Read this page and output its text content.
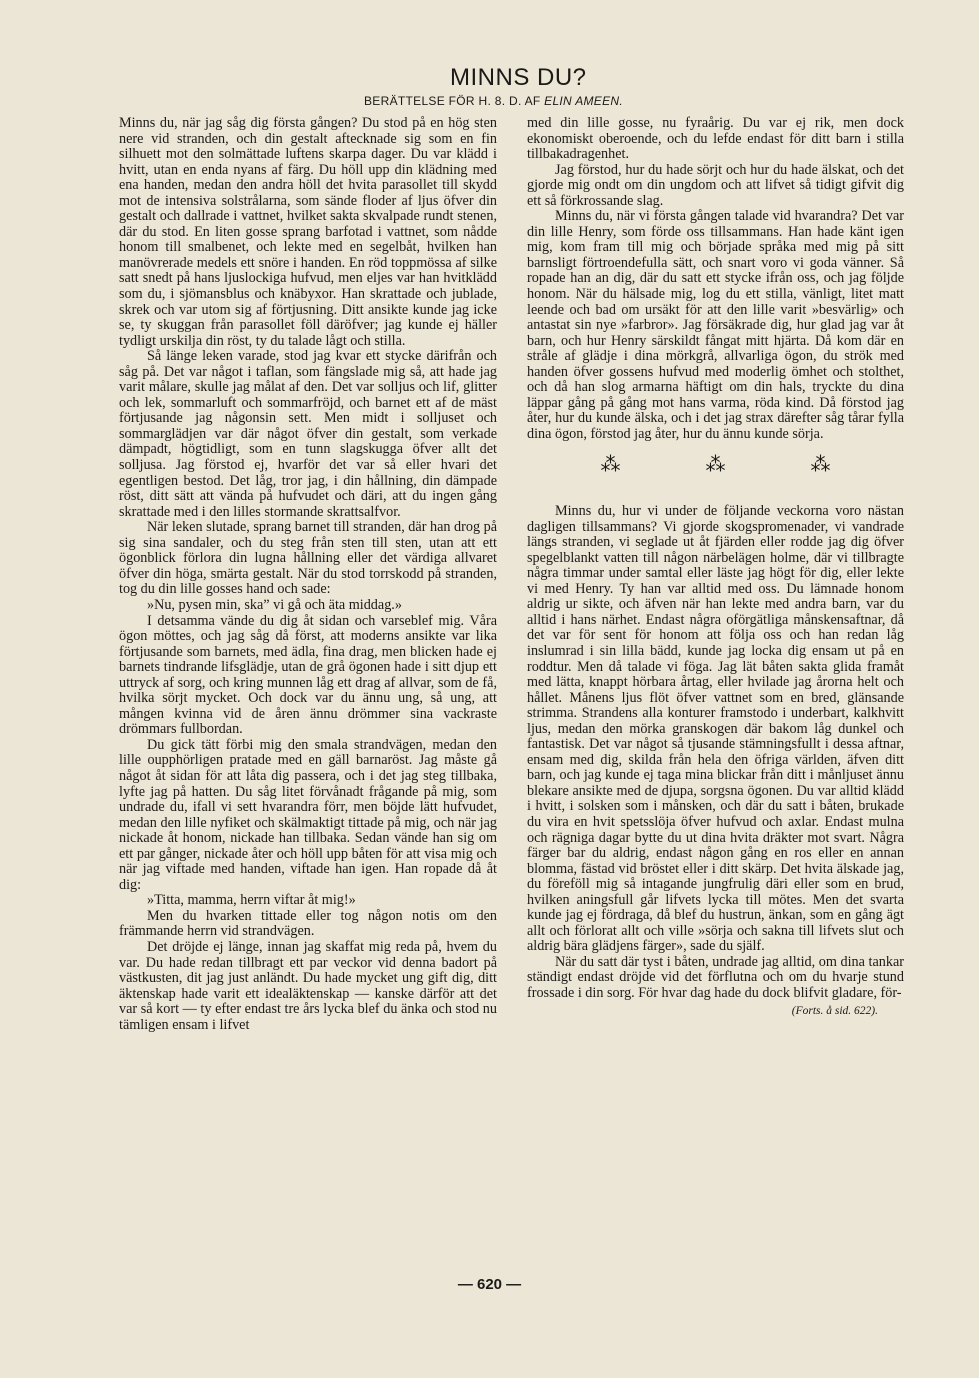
MINNS DU?
BERÄTTELSE FÖR H. 8. D. AF ELIN AMEEN.

Minns du, när jag såg dig första gången? Du stod på en hög sten nere vid stranden, och din gestalt aftecknade sig som en fin silhuett mot den solmättade luftens skarpa dager. Du var klädd i hvitt, utan en enda nyans af färg. Du höll upp din klädning med ena handen, medan den andra höll det hvita parasollet till skydd mot de intensiva solstrålarna, som sände floder af ljus öfver din gestalt och dallrade i vattnet, hvilket sakta skvalpade rundt stenen, där du stod. En liten gosse sprang barfotad i vattnet, som nådde honom till smalbenet, och lekte med en segelbåt, hvilken han manövrerade medels ett snöre i handen. En röd toppmössa af silke satt snedt på hans ljuslockiga hufvud, men eljes var han hvitklädd som du, i sjömansblus och knäbyxor. Han skrattade och jublade, skrek och var utom sig af förtjusning. Ditt ansikte kunde jag icke se, ty skuggan från parasollet föll däröfver; jag kunde ej häller tydligt urskilja din röst, ty du talade lågt och stilla.

Så länge leken varade, stod jag kvar ett stycke därifrån och såg på. Det var något i taflan, som fängslade mig så, att hade jag varit målare, skulle jag målat af den. Det var solljus och lif, glitter och lek, sommarluft och sommarfröjd, och barnet ett af de mäst förtjusande jag någonsin sett. Men midt i solljuset och sommarglädjen var där något öfver din gestalt, som verkade dämpadt, högtidligt, som en tunn slagskugga öfver allt det solljusa. Jag förstod ej, hvarför det var så eller hvari det egentligen bestod. Det låg, tror jag, i din hållning, din dämpade röst, ditt sätt att vända på hufvudet och däri, att du ingen gång skrattade med i den lilles stormande skrattsalfvor.

När leken slutade, sprang barnet till stranden, där han drog på sig sina sandaler, och du steg från sten till sten, utan att ett ögonblick förlora din lugna hållning eller det värdiga allvaret öfver din höga, smärta gestalt. När du stod torrskodd på stranden, tog du din lille gosses hand och sade:

»Nu, pysen min, ska” vi gå och äta middag.»

I detsamma vände du dig åt sidan och varseblef mig. Våra ögon möttes, och jag såg då först, att moderns ansikte var lika förtjusande som barnets, med ädla, fina drag, men blicken hade ej barnets tindrande lifsglädje, utan de grå ögonen hade i sitt djup ett uttryck af sorg, och kring munnen låg ett drag af allvar, som de få, hvilka sörjt mycket. Och dock var du ännu ung, så ung, att mången kvinna vid de åren ännu drömmer sina vackraste drömmars fullbordan.

Du gick tätt förbi mig den smala strandvägen, medan den lille oupphörligen pratade med en gäll barnaröst. Jag måste gå något åt sidan för att låta dig passera, och i det jag steg tillbaka, lyfte jag på hatten. Du såg litet förvånadt frågande på mig, som undrade du, ifall vi sett hvarandra förr, men böjde lätt hufvudet, medan den lille nyfiket och skälmaktigt tittade på mig, och när jag nickade åt honom, nickade han tillbaka. Sedan vände han sig om ett par gånger, nickade åter och höll upp båten för att visa mig och när jag viftade med handen, viftade han igen. Han ropade då åt dig:

»Titta, mamma, herrn viftar åt mig!»

Men du hvarken tittade eller tog någon notis om den främmande herrn vid strandvägen.

Det dröjde ej länge, innan jag skaffat mig reda på, hvem du var. Du hade redan tillbragt ett par veckor vid denna badort på västkusten, dit jag just anländt. Du hade mycket ung gift dig, ditt äktenskap hade varit ett idealäktenskap — kanske därför att det var så kort — ty efter endast tre års lycka blef du änka och stod nu tämligen ensam i lifvet

med din lille gosse, nu fyraårig. Du var ej rik, men dock ekonomiskt oberoende, och du lefde endast för ditt barn i stilla tillbakadragenhet.

Jag förstod, hur du hade sörjt och hur du hade älskat, och det gjorde mig ondt om din ungdom och att lifvet så tidigt gifvit dig ett så förkrossande slag.

Minns du, när vi första gången talade vid hvarandra? Det var din lille Henry, som förde oss tillsammans. Han hade känt igen mig, kom fram till mig och började språka med mig på sitt barnsligt förtroendefulla sätt, och snart voro vi goda vänner. Så ropade han an dig, där du satt ett stycke ifrån oss, och jag följde honom. När du hälsade mig, log du ett stilla, vänligt, litet matt leende och bad om ursäkt för att den lille varit »besvärlig» och antastat sin nye »farbror». Jag försäkrade dig, hur glad jag var åt barn, och hur Henry särskildt fångat mitt hjärta. Då kom där en stråle af glädje i dina mörkgrå, allvarliga ögon, du strök med handen öfver gossens hufvud med moderlig ömhet och stolthet, och då han slog armarna häftigt om din hals, tryckte du dina läppar gång på gång mot hans varma, röda kind. Då förstod jag åter, hur du kunde älska, och i det jag strax därefter såg tårar fylla dina ögon, förstod jag åter, hur du ännu kunde sörja.

⁂ ⁂ ⁂

Minns du, hur vi under de följande veckorna voro nästan dagligen tillsammans? Vi gjorde skogspromenader, vi vandrade längs stranden, vi seglade ut åt fjärden eller rodde jag dig öfver spegelblankt vatten till någon närbelägen holme, där vi tillbragte några timmar under samtal eller läste jag högt för dig, eller lekte vi med Henry. Ty han var alltid med oss. Du lämnade honom aldrig ur sikte, och äfven när han lekte med andra barn, var du alltid i hans närhet. Endast några oförgätliga månskensaftnar, då det var för sent för honom att följa oss och han redan låg inslumrad i sin lilla bädd, kunde jag locka dig ensam ut på en roddtur. Men då talade vi föga. Jag lät båten sakta glida framåt med lätta, knappt hörbara årtag, eller hvilade jag årorna helt och hållet. Månens ljus flöt öfver vattnet som en bred, glänsande strimma. Strandens alla konturer framstodo i underbart, kalkhvitt ljus, medan den mörka granskogen där bakom låg dunkel och fantastisk. Det var något så tjusande stämningsfullt i dessa aftnar, ensam med dig, skilda från hela den öfriga världen, äfven ditt barn, och jag kunde ej taga mina blickar från ditt i månljuset ännu blekare ansikte med de djupa, sorgsna ögonen. Du var alltid klädd i hvitt, i solsken som i månsken, och där du satt i båten, brukade du vira en hvit spetsslöja öfver hufvud och axlar. Endast mulna och rägniga dagar bytte du ut dina hvita dräkter mot svart. Några färger bar du aldrig, endast någon gång en ros eller en annan blomma, fästad vid bröstet eller i ditt skärp. Det hvita älskade jag, du föreföll mig så intagande jungfrulig däri eller som en brud, hvilken aningsfull går lifvets lycka till mötes. Men det svarta kunde jag ej fördraga, då blef du hustrun, änkan, som en gång ägt allt och förlorat allt och ville »sörja och sakna till lifvets slut och aldrig bära glädjens färger», sade du själf.

När du satt där tyst i båten, undrade jag alltid, om dina tankar ständigt endast dröjde vid det förflutna och om du hvarje stund frossade i din sorg. För hvar dag hade du dock blifvit gladare, för-

(Forts. å sid. 622).
— 620 —
